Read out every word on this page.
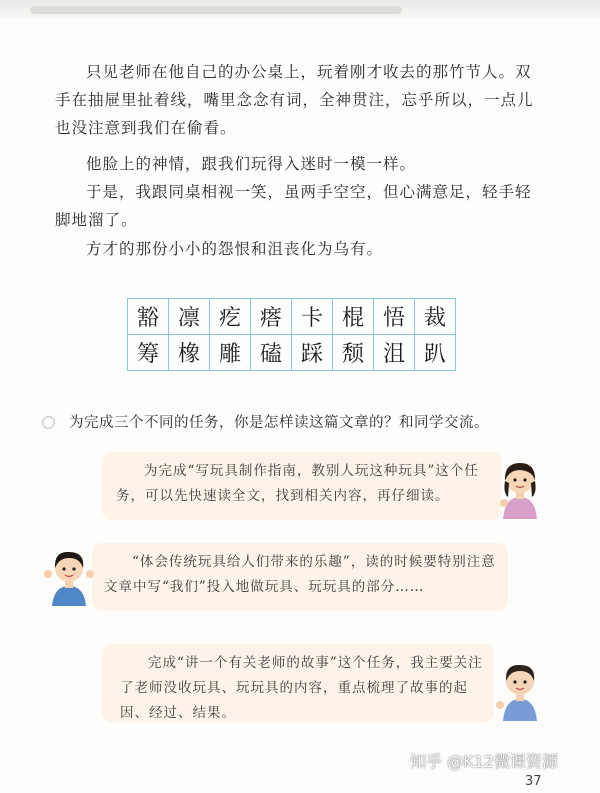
只见老师在他自己的办公桌上，玩着刚才收去的那竹节人。双手在抽屉里扯着线，嘴里念念有词，全神贯注，忘乎所以，一点儿也没注意到我们在偷看。

他脸上的神情，跟我们玩得入迷时一模一样。

于是，我跟同桌相视一笑，虽两手空空，但心满意足，轻手轻脚地溜了。

方才的那份小小的怨恨和沮丧化为乌有。

豁	凛	疙	瘩	卡	棍	悟	裁
筹	橡	雕	磕	踩	颓	沮	趴
为完成三个不同的任务，你是怎样读这篇文章的？和同学交流。

为完成“写玩具制作指南，教别人玩这种玩具”这个任务，可以先快速读全文，找到相关内容，再仔细读。

“体会传统玩具给人们带来的乐趣”，读的时候要特别注意文章中写“我们”投入地做玩具、玩玩具的部分……

完成“讲一个有关老师的故事”这个任务，我主要关注了老师没收玩具、玩玩具的内容，重点梳理了故事的起因、经过、结果。

知乎 @K12微课资源
37
